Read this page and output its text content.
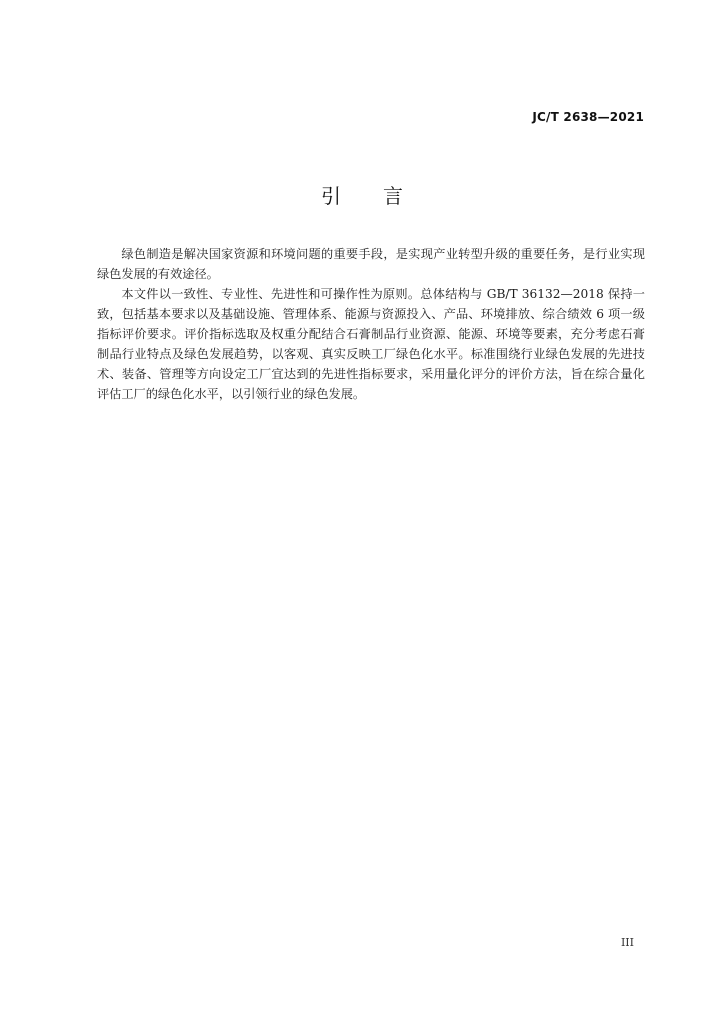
JC/T 2638—2021
引 言

绿色制造是解决国家资源和环境问题的重要手段，是实现产业转型升级的重要任务，是行业实现绿色发展的有效途径。

本文件以一致性、专业性、先进性和可操作性为原则。总体结构与 GB/T 36132—2018 保持一致，包括基本要求以及基础设施、管理体系、能源与资源投入、产品、环境排放、综合绩效 6 项一级指标评价要求。评价指标选取及权重分配结合石膏制品行业资源、能源、环境等要素，充分考虑石膏制品行业特点及绿色发展趋势，以客观、真实反映工厂绿色化水平。标准围绕行业绿色发展的先进技术、装备、管理等方向设定工厂宜达到的先进性指标要求，采用量化评分的评价方法，旨在综合量化评估工厂的绿色化水平，以引领行业的绿色发展。

III
